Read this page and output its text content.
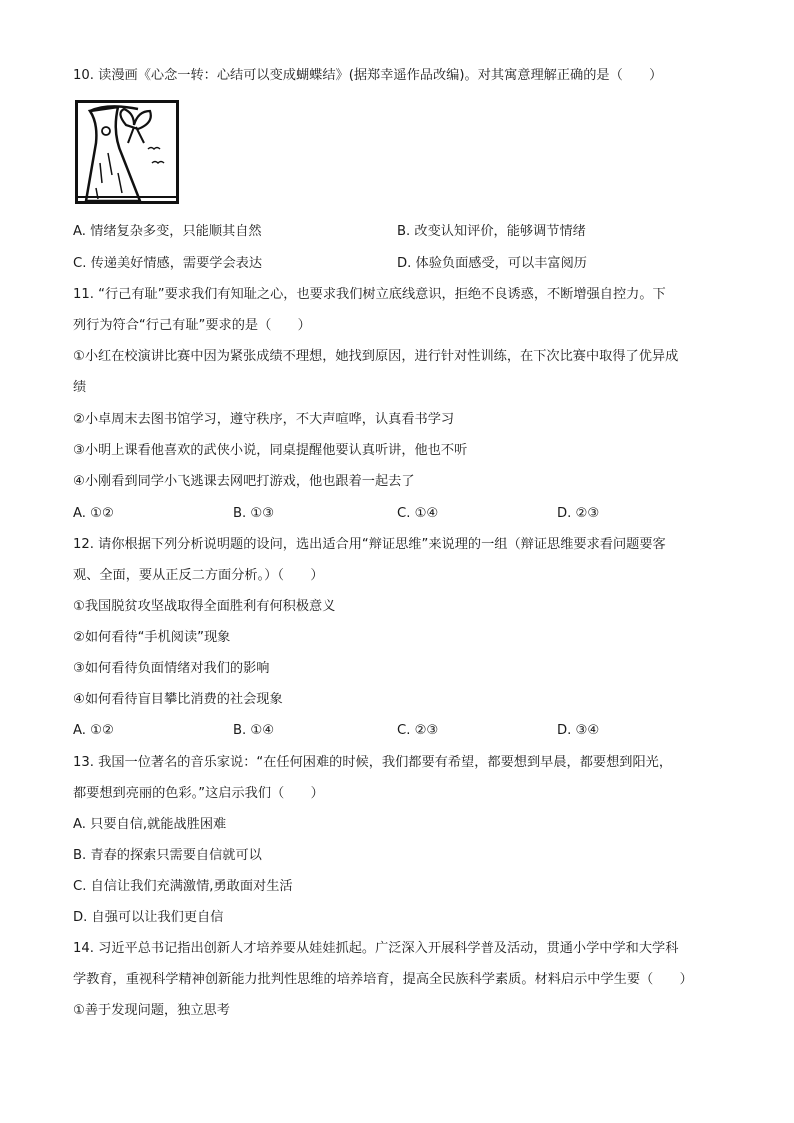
10. 读漫画《心念一转：心结可以变成蝴蝶结》(据郑幸遥作品改编)。对其寓意理解正确的是（　　）
A. 情绪复杂多变，只能顺其自然	B. 改变认知评价，能够调节情绪
C. 传递美好情感，需要学会表达	D. 体验负面感受，可以丰富阅历
11. “行己有耻”要求我们有知耻之心，也要求我们树立底线意识，拒绝不良诱惑，不断增强自控力。下
列行为符合“行己有耻”要求的是（　　）
①小红在校演讲比赛中因为紧张成绩不理想，她找到原因，进行针对性训练，在下次比赛中取得了优异成
绩
②小卓周末去图书馆学习，遵守秩序，不大声喧哗，认真看书学习
③小明上课看他喜欢的武侠小说，同桌提醒他要认真听讲，他也不听
④小刚看到同学小飞逃课去网吧打游戏，他也跟着一起去了
A. ①②	B. ①③	C. ①④	D. ②③
12. 请你根据下列分析说明题的设问，选出适合用“辩证思维”来说理的一组（辩证思维要求看问题要客
观、全面，要从正反二方面分析。）（　　）
①我国脱贫攻坚战取得全面胜利有何积极意义
②如何看待“手机阅读”现象
③如何看待负面情绪对我们的影响
④如何看待盲目攀比消费的社会现象
A. ①②	B. ①④	C. ②③	D. ③④
13. 我国一位著名的音乐家说：“在任何困难的时候，我们都要有希望，都要想到早晨，都要想到阳光，
都要想到亮丽的色彩。”这启示我们（　　）
A. 只要自信,就能战胜困难
B. 青春的探索只需要自信就可以
C. 自信让我们充满激情,勇敢面对生活
D. 自强可以让我们更自信
14. 习近平总书记指出创新人才培养要从娃娃抓起。广泛深入开展科学普及活动，贯通小学中学和大学科
学教育，重视科学精神创新能力批判性思维的培养培育，提高全民族科学素质。材料启示中学生要（　　）
①善于发现问题，独立思考
